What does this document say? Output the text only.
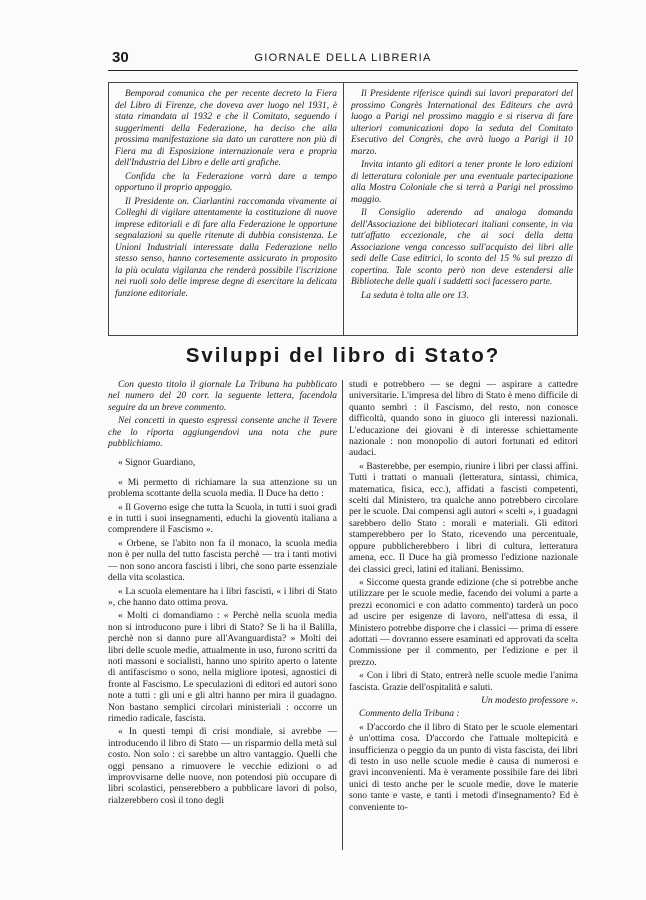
30	GIORNALE DELLA LIBRERIA

Bemporad comunica che per recente decreto la Fiera del Libro di Firenze, che doveva aver luogo nel 1931, è stata rimandata al 1932 e che il Comitato, seguendo i suggerimenti della Federazione, ha deciso che alla prossima manifestazione sia dato un carattere non più di Fiera ma di Esposizione internazionale vera e propria dell'Industria del Libro e delle arti grafiche.

Confida che la Federazione vorrà dare a tempo opportuno il proprio appoggio.

Il Presidente on. Ciarlantini raccomanda vivamente ai Colleghi di vigilare attentamente la costituzione di nuove imprese editoriali e di fare alla Federazione le opportune segnalazioni su quelle ritenute di dubbia consistenza. Le Unioni Industriali interessate dalla Federazione nello stesso senso, hanno cortesemente assicurato in proposito la più oculata vigilanza che renderà possibile l'iscrizione nei ruoli solo delle imprese degne di esercitare la delicata funzione editoriale.

Il Presidente riferisce quindi sui lavori preparatori del prossimo Congrès International des Editeurs che avrà luogo a Parigi nel prossimo maggio e si riserva di fare ulteriori comunicazioni dopo la seduta del Comitato Esecutivo del Congrès, che avrà luogo a Parigi il 10 marzo.

Invita intanto gli editori a tener pronte le loro edizioni di letteratura coloniale per una eventuale partecipazione alla Mostra Coloniale che si terrà a Parigi nel prossimo maggio.

Il Consiglio aderendo ad analoga domanda dell'Associazione dei bibliotecari italiani consente, in via tutt'affatto eccezionale, che ai soci della detta Associazione venga concesso sull'acquisto dei libri alle sedi delle Case editrici, lo sconto del 15 % sul prezzo di copertina. Tale sconto però non deve estendersi alle Biblioteche delle quali i suddetti soci facessero parte.

La seduta è tolta alle ore 13.

Sviluppi del libro di Stato?

Con questo titolo il giornale La Tribuna ha pubblicato nel numero del 20 corr. la seguente lettera, facendola seguire da un breve commento.

Nei concetti in questo espressi consente anche il Tevere che lo riporta aggiungendovi una nota che pure pubblichiamo.

« Signor Guardiano,

« Mi permetto di richiamare la sua attenzione su un problema scottante della scuola media. Il Duce ha detto :

« Il Governo esige che tutta la Scuola, in tutti i suoi gradi e in tutti i suoi insegnamenti, educhi la gioventù italiana a comprendere il Fascismo ».

« Orbene, se l'abito non fa il monaco, la scuola media non è per nulla del tutto fascista perchè — tra i tanti motivi — non sono ancora fascisti i libri, che sono parte essenziale della vita scolastica.

« La scuola elementare ha i libri fascisti, « i libri di Stato », che hanno dato ottima prova.

« Molti ci domandiamo : « Perchè nella scuola media non si introducono pure i libri di Stato? Se li ha il Balilla, perchè non si danno pure all'Avanguardista? » Molti dei libri delle scuole medie, attualmente in uso, furono scritti da noti massoni e socialisti, hanno uno spirito aperto o latente di antifascismo o sono, nella migliore ipotesi, agnostici di fronte al Fascismo. Le speculazioni di editori ed autori sono note a tutti : gli uni e gli altri hanno per mira il guadagno. Non bastano semplici circolari ministeriali : occorre un rimedio radicale, fascista.

« In questi tempi di crisi mondiale, si avrebbe — introducendo il libro di Stato — un risparmio della metà sul costo. Non solo : ci sarebbe un altro vantaggio. Quelli che oggi pensano a rimuovere le vecchie edizioni o ad improvvisarne delle nuove, non potendosi più occupare di libri scolastici, penserebbero a pubblicare lavori di polso, rialzerebbero così il tono degli

studi e potrebbero — se degni — aspirare a cattedre universitarie. L'impresa del libro di Stato è meno difficile di quanto sembri : il Fascismo, del resto, non conosce difficoltà, quando sono in giuoco gli interessi nazionali. L'educazione dei giovani è di interesse schiettamente nazionale : non monopolio di autori fortunati ed editori audaci.

« Basterebbe, per esempio, riunire i libri per classi affini. Tutti i trattati o manuali (letteratura, sintassi, chimica, matematica, fisica, ecc.), affidati a fascisti competenti, scelti dal Ministero, tra qualche anno potrebbero circolare per le scuole. Dai compensi agli autori « scelti », i guadagni sarebbero dello Stato : morali e materiali. Gli editori stamperebbero per lo Stato, ricevendo una percentuale, oppure pubblicherebbero i libri di cultura, letteratura amena, ecc. Il Duce ha già promesso l'edizione nazionale dei classici greci, latini ed italiani. Benissimo.

« Siccome questa grande edizione (che si potrebbe anche utilizzare per le scuole medie, facendo dei volumi a parte a prezzi economici e con adatto commento) tarderà un poco ad uscire per esigenze di lavoro, nell'attesa di essa, il Ministero potrebbe disporre che i classici — prima di essere adottati — dovranno essere esaminati ed approvati da scelta Commissione per il commento, per l'edizione e per il prezzo.

« Con i libri di Stato, entrerà nelle scuole medie l'anima fascista. Grazie dell'ospitalità e saluti.

Un modesto professore ».

Commento della Tribuna :

« D'accordo che il libro di Stato per le scuole elementari è un'ottima cosa. D'accordo che l'attuale moltepicità e insufficienza o peggio da un punto di vista fascista, dei libri di testo in uso nelle scuole medie è causa di numerosi e gravi inconvenienti. Ma è veramente possibile fare dei libri unici di testo anche per le scuole medie, dove le materie sono tante e vaste, e tanti i metodi d'insegnamento? Ed è conveniente to-
